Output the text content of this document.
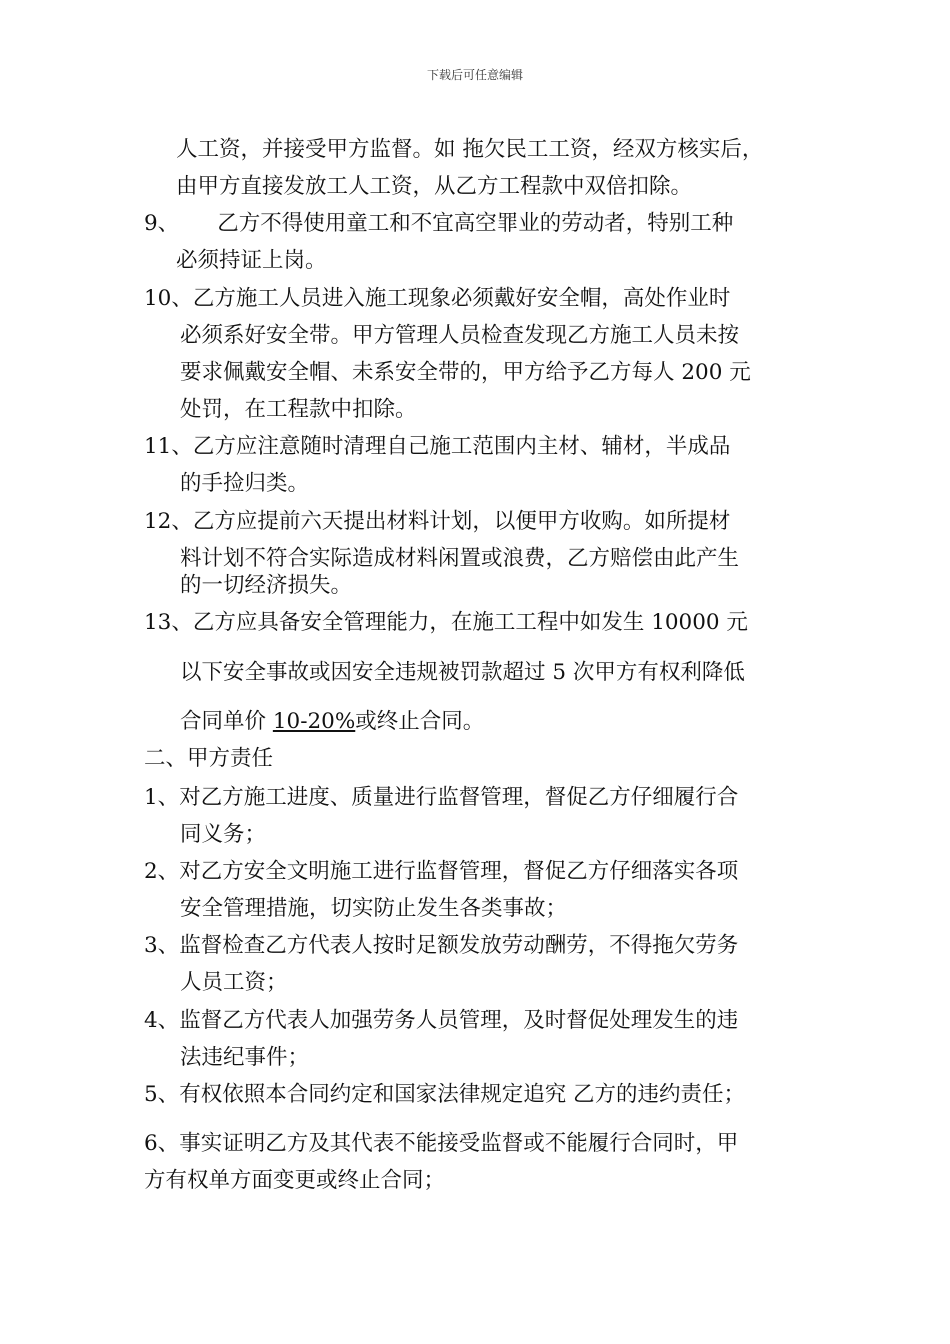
下载后可任意编辑
人工资，并接受甲方监督。如 拖欠民工工资，经双方核实后，
由甲方直接发放工人工资，从乙方工程款中双倍扣除。
9、 乙方不得使用童工和不宜高空罪业的劳动者，特别工种
必须持证上岗。
10、乙方施工人员进入施工现象必须戴好安全帽，高处作业时
必须系好安全带。甲方管理人员检查发现乙方施工人员未按
要求佩戴安全帽、未系安全带的，甲方给予乙方每人 200 元
处罚，在工程款中扣除。
11、乙方应注意随时清理自己施工范围内主材、辅材，半成品
的手捡归类。
12、乙方应提前六天提出材料计划，以便甲方收购。如所提材
料计划不符合实际造成材料闲置或浪费，乙方赔偿由此产生
的一切经济损失。
13、乙方应具备安全管理能力，在施工工程中如发生 10000 元
以下安全事故或因安全违规被罚款超过 5 次甲方有权利降低
合同单价 10-20%或终止合同。
二、甲方责任
1、对乙方施工进度、质量进行监督管理，督促乙方仔细履行合
同义务；
2、对乙方安全文明施工进行监督管理，督促乙方仔细落实各项
安全管理措施，切实防止发生各类事故；
3、监督检查乙方代表人按时足额发放劳动酬劳，不得拖欠劳务
人员工资；
4、监督乙方代表人加强劳务人员管理，及时督促处理发生的违
法违纪事件；
5、有权依照本合同约定和国家法律规定追究 乙方的违约责任；
6、事实证明乙方及其代表不能接受监督或不能履行合同时，甲
方有权单方面变更或终止合同；
